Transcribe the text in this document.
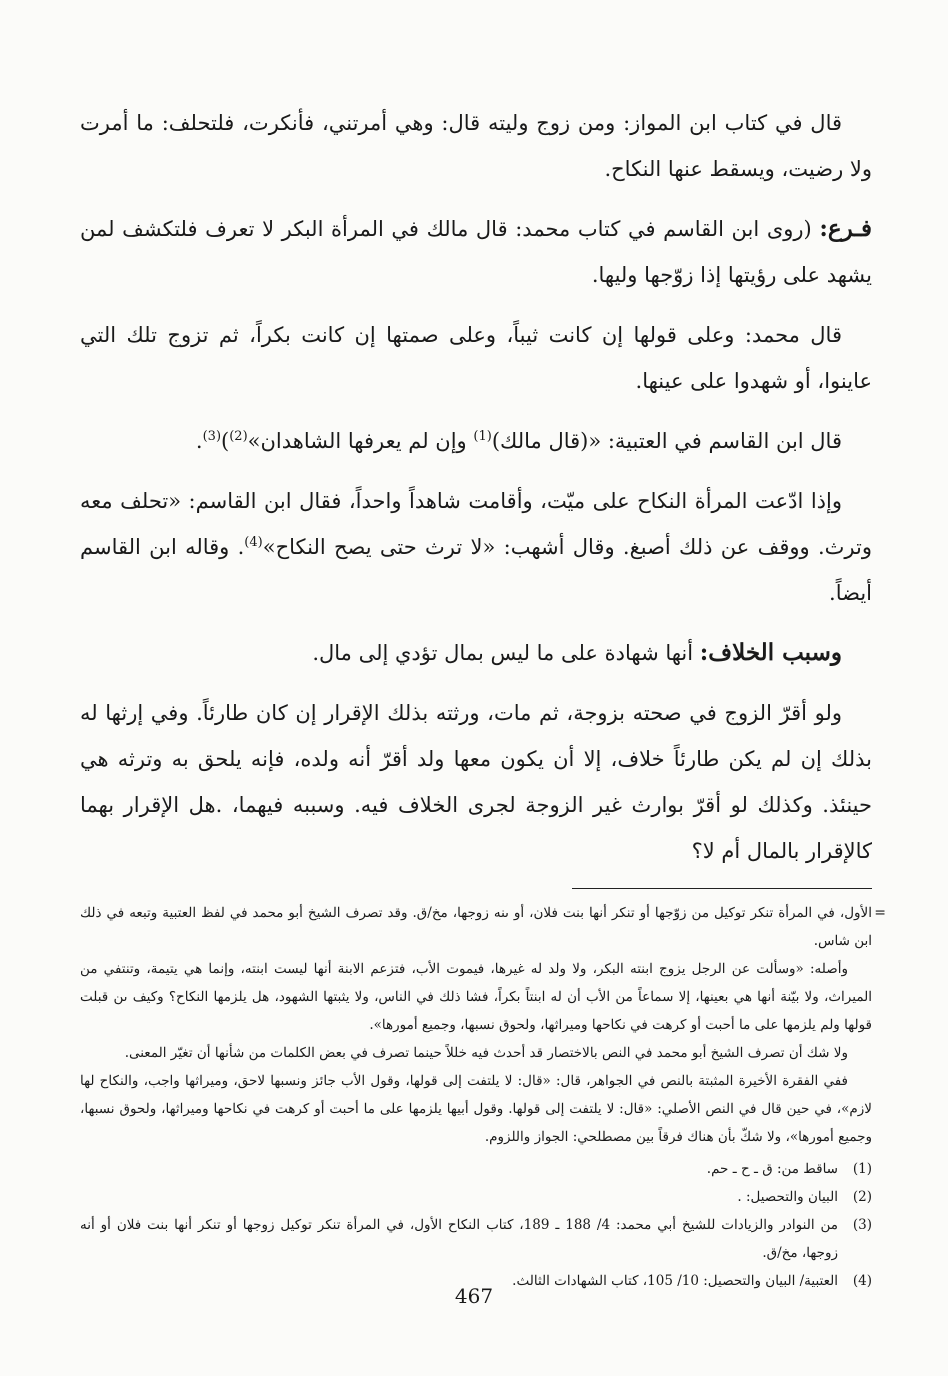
قال في كتاب ابن المواز: ومن زوج وليته قال: وهي أمرتني، فأنكرت، فلتحلف: ما أمرت ولا رضيت، ويسقط عنها النكاح.

فـرع: (روى ابن القاسم في كتاب محمد: قال مالك في المرأة البكر لا تعرف فلتكشف لمن يشهد على رؤيتها إذا زوّجها وليها.

قال محمد: وعلى قولها إن كانت ثيباً، وعلى صمتها إن كانت بكراً، ثم تزوج تلك التي عاينوا، أو شهدوا على عينها.

قال ابن القاسم في العتبية: «(قال مالك)$^{(1)}$ وإن لم يعرفها الشاهدان»$^{(2)}$)$^{(3)}$.

وإذا ادّعت المرأة النكاح على ميّت، وأقامت شاهداً واحداً، فقال ابن القاسم: «تحلف معه وترث. ووقف عن ذلك أصبغ. وقال أشهب: «لا ترث حتى يصح النكاح»$^{(4)}$. وقاله ابن القاسم أيضاً.

وسبب الخلاف: أنها شهادة على ما ليس بمال تؤدي إلى مال.

ولو أقرّ الزوج في صحته بزوجة، ثم مات، ورثته بذلك الإقرار إن كان طارئاً. وفي إرثها له بذلك إن لم يكن طارئاً خلاف، إلا أن يكون معها ولد أقرّ أنه ولده، فإنه يلحق به وترثه هي حينئذ. وكذلك لو أقرّ بوارث غير الزوجة لجرى الخلاف فيه. وسببه فيهما، .هل الإقرار بهما كالإقرار بالمال أم لا؟

=
الأول، في المرأة تنكر توكيل من زوّجها أو تنكر أنها بنت فلان، أو ىنه زوجها، مخ/ق. وقد تصرف الشيخ أبو محمد في لفظ العتبية وتبعه في ذلك ابن شاس.

وأصله: «وسألت عن الرجل يزوج ابنته البكر، ولا ولد له غيرها، فيموت الأب، فتزعم الابنة أنها ليست ابنته، وإنما هي يتيمة، وتنتفي من الميراث، ولا بيّنة أنها هي بعينها، إلا سماعاً من الأب أن له ابنتاً بكراً، فشا ذلك في الناس، ولا يثبتها الشهود، هل يلزمها النكاح؟ وكيف ىن قبلت قولها ولم يلزمها على ما أحبت أو كرهت في نكاحها وميراثها، ولحوق نسبها، وجميع أمورها».

ولا شك أن تصرف الشيخ أبو محمد في النص بالاختصار قد أحدث فيه خللاً حينما تصرف في بعض الكلمات من شأنها أن تغيّر المعنى.

ففي الفقرة الأخيرة المثبتة بالنص في الجواهر، قال: «قال: لا يلتفت إلى قولها، وقول الأب جائز ونسبها لاحق، وميراثها واجب، والنكاح لها لازم»، في حين قال في النص الأصلي: «قال: لا يلتفت إلى قولها. وقول أبيها يلزمها على ما أحبت أو كرهت في نكاحها وميراثها، ولحوق نسبها، وجميع أمورها»، ولا شكّ بأن هناك فرقاً بين مصطلحي: الجواز واللزوم.

(1)
ساقط من: ق ـ ح ـ حم.
(2)
البيان والتحصيل: .
(3)
من النوادر والزيادات للشيخ أبي محمد: 4/ 188 ـ 189، كتاب النكاح الأول، في المرأة تنكر توكيل زوجها أو تنكر أنها بنت فلان أو أنه زوجها، مخ/ق.
(4)
العتبية/ البيان والتحصيل: 10/ 105، كتاب الشهادات الثالث.
467
